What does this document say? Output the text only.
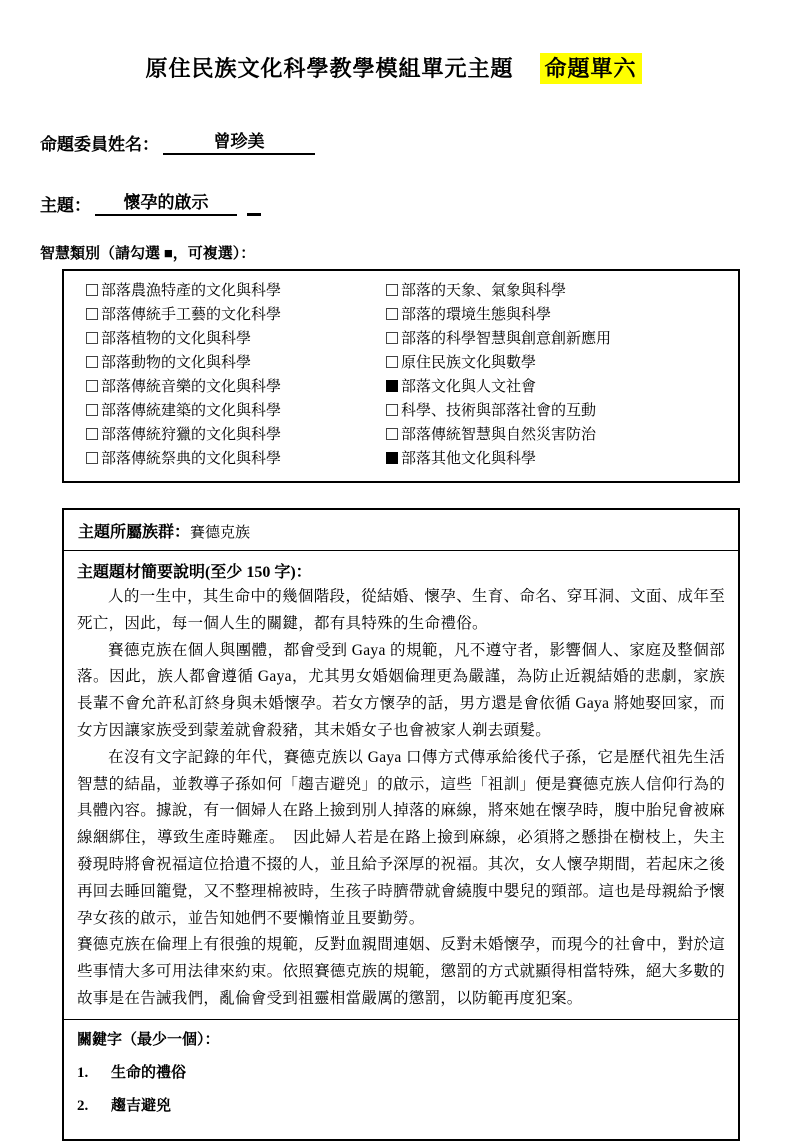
原住民族文化科學教學模組單元主題 命題單六
命題委員姓名：	曾珍美
主題： 懷孕的啟示
智慧類別（請勾選 ■，可複選）：
部落農漁特產的文化與科學	部落的天象、氣象與科學
部落傳統手工藝的文化科學	部落的環境生態與科學
部落植物的文化與科學	部落的科學智慧與創意創新應用
部落動物的文化與科學	原住民族文化與數學
部落傳統音樂的文化與科學	部落文化與人文社會
部落傳統建築的文化與科學	科學、技術與部落社會的互動
部落傳統狩獵的文化與科學	部落傳統智慧與自然災害防治
部落傳統祭典的文化與科學	部落其他文化與科學
主題所屬族群：賽德克族
主題題材簡要說明(至少 150 字)：

人的一生中，其生命中的幾個階段，從結婚、懷孕、生育、命名、穿耳洞、文面、成年至死亡，因此，每一個人生的關鍵，都有具特殊的生命禮俗。

賽德克族在個人與團體，都會受到 Gaya 的規範，凡不遵守者，影響個人、家庭及整個部落。因此，族人都會遵循 Gaya，尤其男女婚姻倫理更為嚴謹，為防止近親結婚的悲劇，家族長輩不會允許私訂終身與未婚懷孕。若女方懷孕的話，男方還是會依循 Gaya 將她娶回家，而女方因讓家族受到蒙羞就會殺豬，其未婚女子也會被家人剃去頭髮。

在沒有文字記錄的年代，賽德克族以 Gaya 口傳方式傳承給後代子孫，它是歷代祖先生活智慧的結晶，並教導子孫如何「趨吉避兇」的啟示，這些「祖訓」便是賽德克族人信仰行為的具體內容。據說，有一個婦人在路上撿到別人掉落的麻線，將來她在懷孕時，腹中胎兒會被麻線綑綁住，導致生產時難產。　因此婦人若是在路上撿到麻線，必須將之懸掛在樹枝上，失主發現時將會祝福這位拾遺不掇的人，並且給予深厚的祝福。其次，女人懷孕期間，若起床之後再回去睡回籠覺，又不整理棉被時，生孩子時臍帶就會繞腹中嬰兒的頸部。這也是母親給予懷孕女孩的啟示，並告知她們不要懶惰並且要勤勞。

賽德克族在倫理上有很強的規範，反對血親間連姻、反對未婚懷孕，而現今的社會中，對於這些事情大多可用法律來約束。依照賽德克族的規範，懲罰的方式就顯得相當特殊，絕大多數的故事是在告誡我們，亂倫會受到祖靈相當嚴厲的懲罰，以防範再度犯案。

關鍵字（最少一個）：
1. 生命的禮俗
2. 趨吉避兇
